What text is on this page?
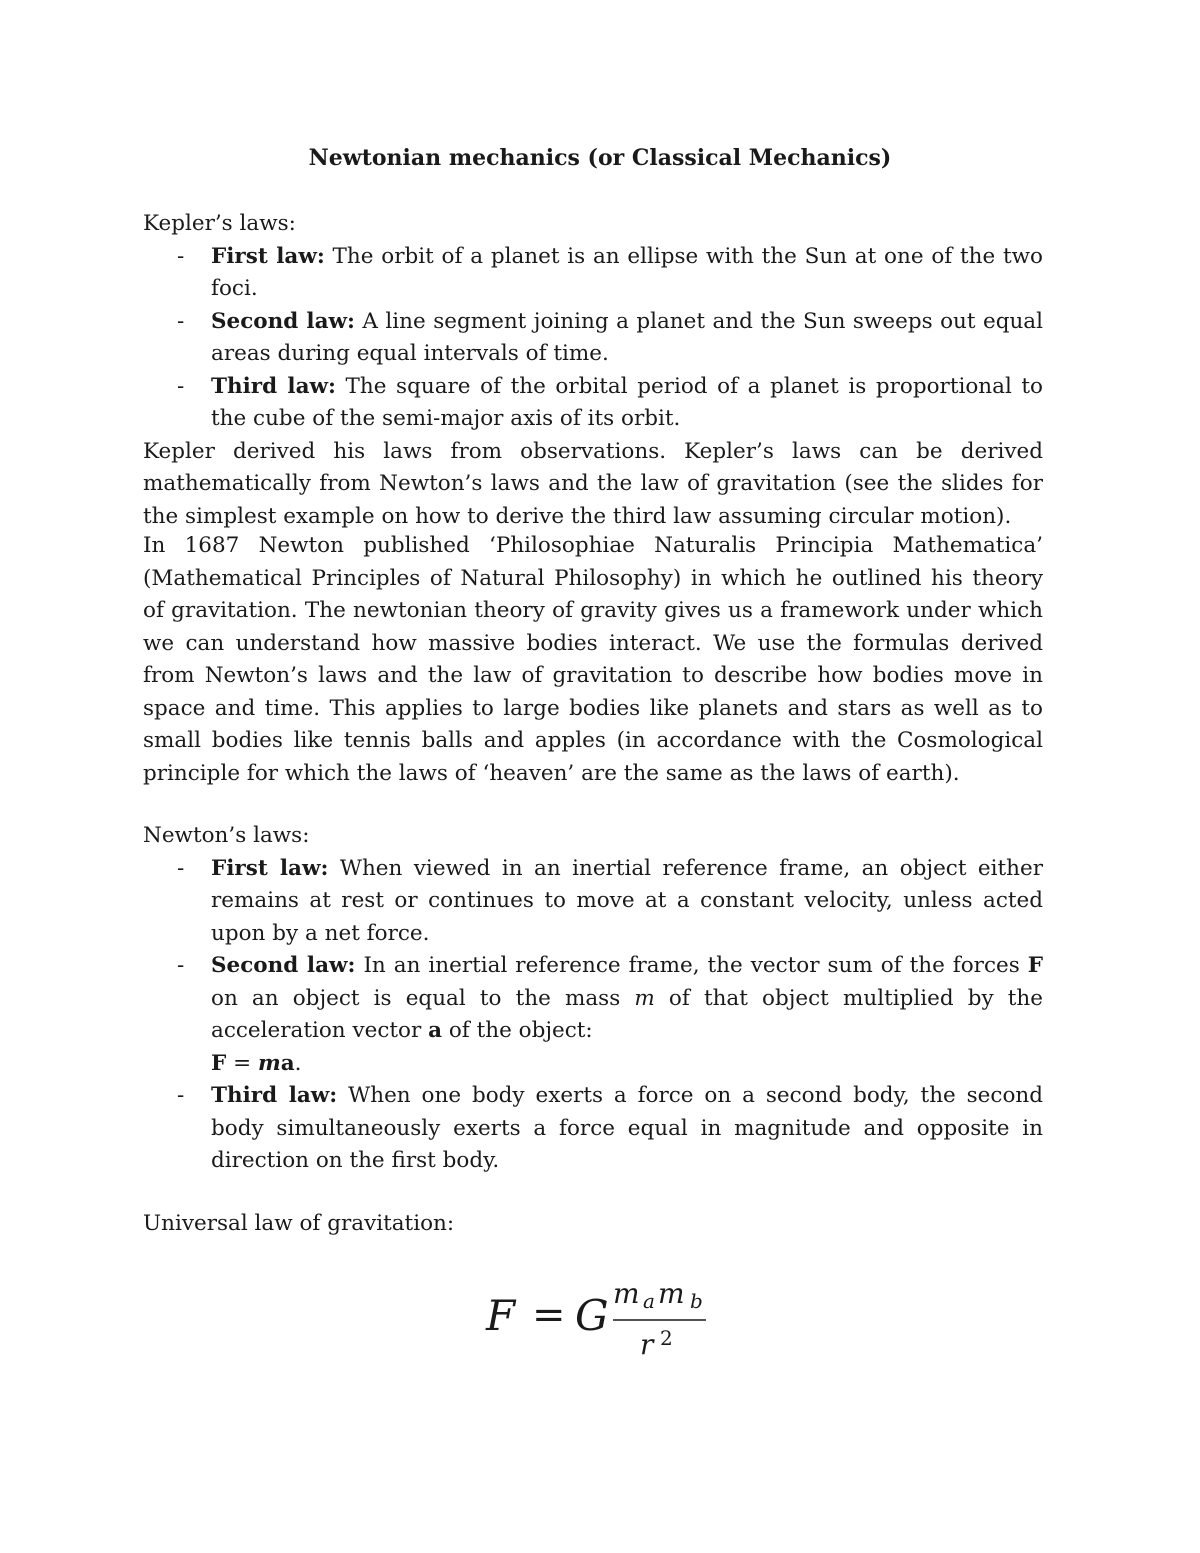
Newtonian mechanics (or Classical Mechanics)
Kepler’s laws:
- First law: The orbit of a planet is an ellipse with the Sun at one of the two foci.
- Second law: A line segment joining a planet and the Sun sweeps out equal areas during equal intervals of time.
- Third law: The square of the orbital period of a planet is proportional to the cube of the semi-major axis of its orbit.
Kepler derived his laws from observations. Kepler’s laws can be derived mathematically from Newton’s laws and the law of gravitation (see the slides for the simplest example on how to derive the third law assuming circular motion).
In 1687 Newton published ‘Philosophiae Naturalis Principia Mathematica’ (Mathematical Principles of Natural Philosophy) in which he outlined his theory of gravitation. The newtonian theory of gravity gives us a framework under which we can understand how massive bodies interact. We use the formulas derived from Newton’s laws and the law of gravitation to describe how bodies move in space and time. This applies to large bodies like planets and stars as well as to small bodies like tennis balls and apples (in accordance with the Cosmological principle for which the laws of ‘heaven’ are the same as the laws of earth).
Newton’s laws:
- First law: When viewed in an inertial reference frame, an object either remains at rest or continues to move at a constant velocity, unless acted upon by a net force.
- Second law: In an inertial reference frame, the vector sum of the forces F on an object is equal to the mass m of that object multiplied by the acceleration vector a of the object:
F = ma.
- Third law: When one body exerts a force on a second body, the second body simultaneously exerts a force equal in magnitude and opposite in direction on the first body.
Universal law of gravitation:
F = G m a m b
r 2
